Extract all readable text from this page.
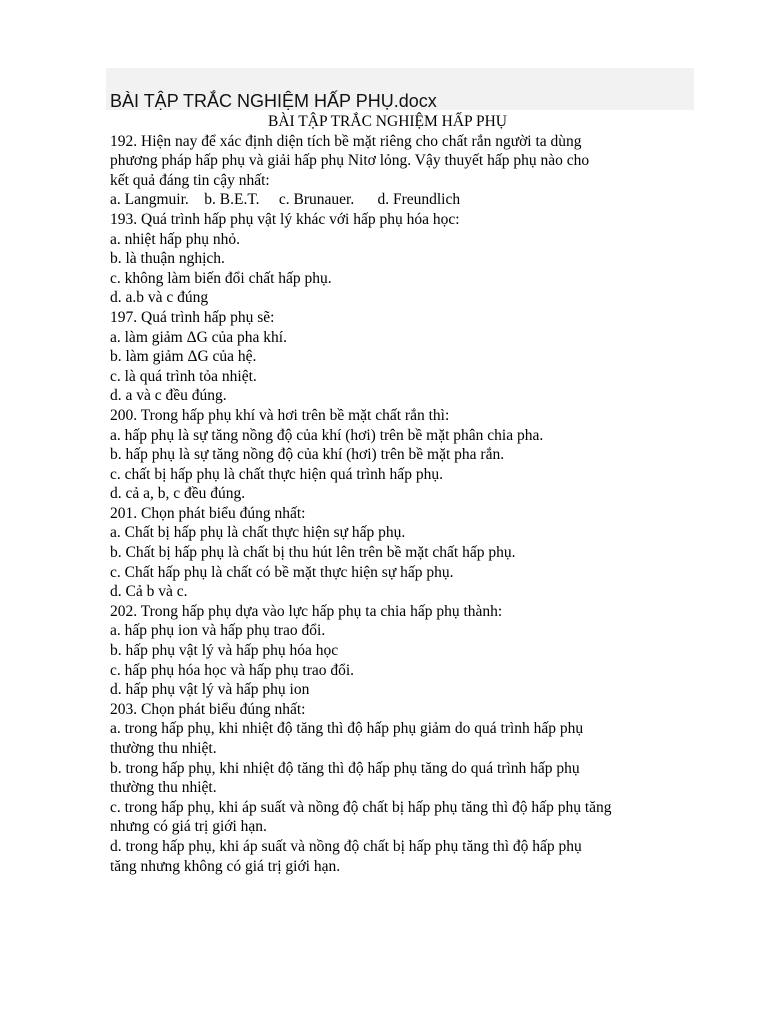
BÀI TẬP TRẮC NGHIỆM HẤP PHỤ.docx
BÀI TẬP TRẮC NGHIỆM HẤP PHỤ
192. Hiện nay để xác định diện tích bề mặt riêng cho chất rắn người ta dùng
phương pháp hấp phụ và giải hấp phụ Nitơ lỏng. Vậy thuyết hấp phụ nào cho
kết quả đáng tin cậy nhất:
a. Langmuir.    b. B.E.T.     c. Brunauer.      d. Freundlich
193. Quá trình hấp phụ vật lý khác với hấp phụ hóa học:
a. nhiệt hấp phụ nhỏ.
b. là thuận nghịch.
c. không làm biến đổi chất hấp phụ.
d. a.b và c đúng
197. Quá trình hấp phụ sẽ:
a. làm giảm ΔG của pha khí.
b. làm giảm ΔG của hệ.
c. là quá trình tỏa nhiệt.
d. a và c đều đúng.
200. Trong hấp phụ khí và hơi trên bề mặt chất rắn thì:
a. hấp phụ là sự tăng nồng độ của khí (hơi) trên bề mặt phân chia pha.
b. hấp phụ là sự tăng nồng độ của khí (hơi) trên bề mặt pha rắn.
c. chất bị hấp phụ là chất thực hiện quá trình hấp phụ.
d. cả a, b, c đều đúng.
201. Chọn phát biểu đúng nhất:
a. Chất bị hấp phụ là chất thực hiện sự hấp phụ.
b. Chất bị hấp phụ là chất bị thu hút lên trên bề mặt chất hấp phụ.
c. Chất hấp phụ là chất có bề mặt thực hiện sự hấp phụ.
d. Cả b và c.
202. Trong hấp phụ dựa vào lực hấp phụ ta chia hấp phụ thành:
a. hấp phụ ion và hấp phụ trao đổi.
b. hấp phụ vật lý và hấp phụ hóa học
c. hấp phụ hóa học và hấp phụ trao đổi.
d. hấp phụ vật lý và hấp phụ ion
203. Chọn phát biểu đúng nhất:
a. trong hấp phụ, khi nhiệt độ tăng thì độ hấp phụ giảm do quá trình hấp phụ
thường thu nhiệt.
b. trong hấp phụ, khi nhiệt độ tăng thì độ hấp phụ tăng do quá trình hấp phụ
thường thu nhiệt.
c. trong hấp phụ, khi áp suất và nồng độ chất bị hấp phụ tăng thì độ hấp phụ tăng
nhưng có giá trị giới hạn.
d. trong hấp phụ, khi áp suất và nồng độ chất bị hấp phụ tăng thì độ hấp phụ
tăng nhưng không có giá trị giới hạn.
